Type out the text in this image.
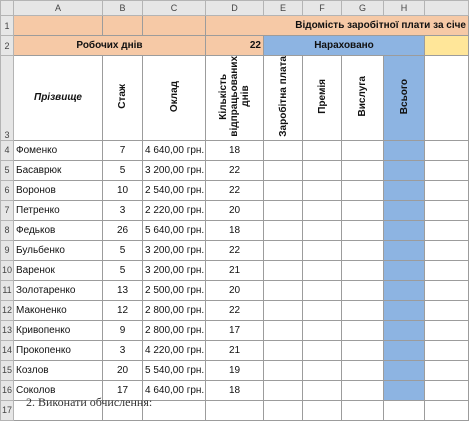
	A	B	C	D	E	F	G	H	
1				Відомість заробітної плати за січе					
2	Робочих днів			22	Нараховано				
3	Прізвище	Стаж	Оклад	Кількість відпрацьованих днів	Заробітна плата	Премія	Вислуга	Всього	
4	Фоменко	7	4 640,00 грн.	18					
5	Басаврюк	5	3 200,00 грн.	22					
6	Воронов	10	2 540,00 грн.	22					
7	Петренко	3	2 220,00 грн.	20					
8	Федьков	26	5 640,00 грн.	18					
9	Бульбенко	5	3 200,00 грн.	22					
10	Варенок	5	3 200,00 грн.	21					
11	Золотаренко	13	2 500,00 грн.	20					
12	Маконенко	12	2 800,00 грн.	22					
13	Кривопенко	9	2 800,00 грн.	17					
14	Прокопенко	3	4 220,00 грн.	21					
15	Козлов	20	5 540,00 грн.	19					
16	Соколов	17	4 640,00 грн.	18					
17									
2. Виконати обчислення:
